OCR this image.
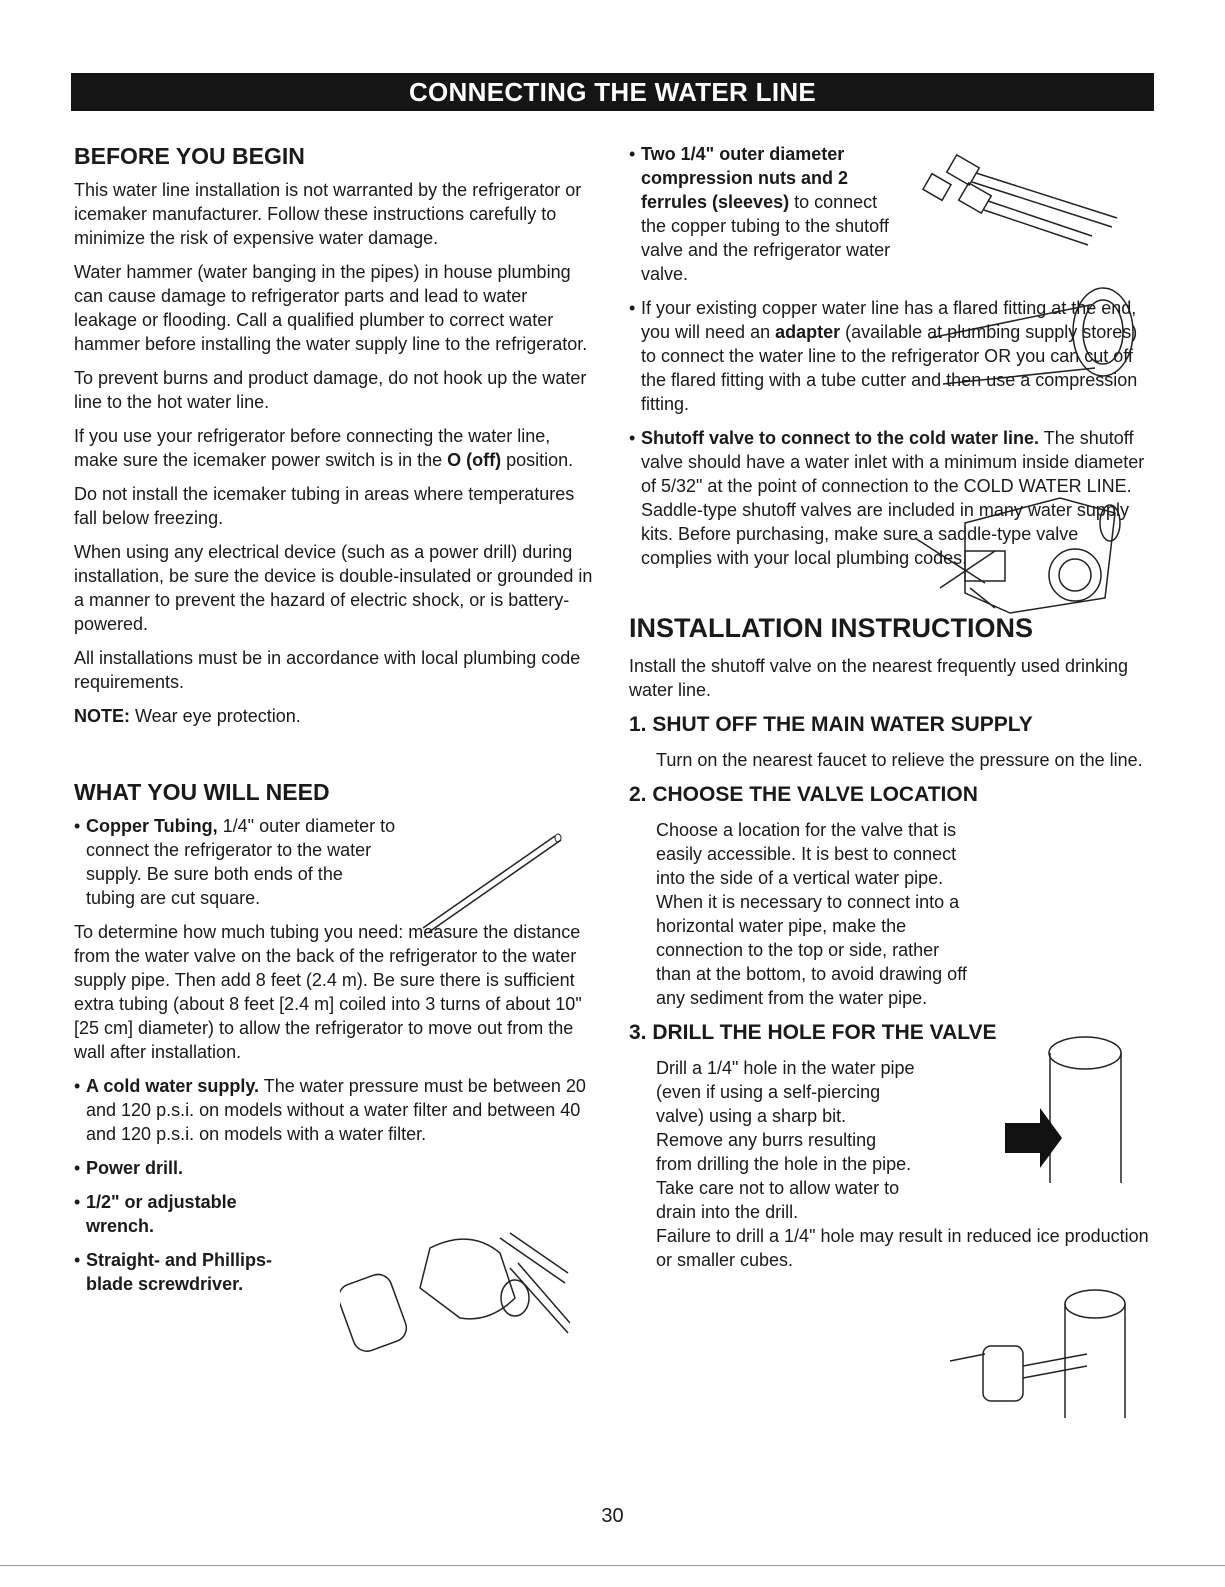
CONNECTING THE WATER LINE
BEFORE YOU BEGIN

This water line installation is not warranted by the refrigerator or icemaker manufacturer. Follow these instructions carefully to minimize the risk of expensive water damage.

Water hammer (water banging in the pipes) in house plumbing can cause damage to refrigerator parts and lead to water leakage or flooding. Call a qualified plumber to correct water hammer before installing the water supply line to the refrigerator.

To prevent burns and product damage, do not hook up the water line to the hot water line.

If you use your refrigerator before connecting the water line, make sure the icemaker power switch is in the O (off) position.

Do not install the icemaker tubing in areas where temperatures fall below freezing.

When using any electrical device (such as a power drill) during installation, be sure the device is double-insulated or grounded in a manner to prevent the hazard of electric shock, or is battery-powered.

All installations must be in accordance with local plumbing code requirements.

NOTE: Wear eye protection.

WHAT YOU WILL NEED
• Copper Tubing, 1/4" outer diameter to connect the refrigerator to the water supply. Be sure both ends of the tubing are cut square.

To determine how much tubing you need: measure the distance from the water valve on the back of the refrigerator to the water supply pipe. Then add 8 feet (2.4 m). Be sure there is sufficient extra tubing (about 8 feet [2.4 m] coiled into 3 turns of about 10" [25 cm] diameter) to allow the refrigerator to move out from the wall after installation.

• A cold water supply. The water pressure must be between 20 and 120 p.s.i. on models without a water filter and between 40 and 120 p.s.i. on models with a water filter.
• Power drill.
• 1/2" or adjustable wrench.
• Straight- and Phillips-blade screwdriver.
• Two 1/4" outer diameter compression nuts and 2 ferrules (sleeves) to connect the copper tubing to the shutoff valve and the refrigerator water valve.
• If your existing copper water line has a flared fitting at the end, you will need an adapter (available at plumbing supply stores) to connect the water line to the refrigerator OR you can cut off the flared fitting with a tube cutter and then use a compression fitting.
• Shutoff valve to connect to the cold water line. The shutoff valve should have a water inlet with a minimum inside diameter of 5/32" at the point of connection to the COLD WATER LINE. Saddle-type shutoff valves are included in many water supply kits. Before purchasing, make sure a saddle-type valve complies with your local plumbing codes.
INSTALLATION INSTRUCTIONS

Install the shutoff valve on the nearest frequently used drinking water line.

1. SHUT OFF THE MAIN WATER SUPPLY

Turn on the nearest faucet to relieve the pressure on the line.

2. CHOOSE THE VALVE LOCATION

Choose a location for the valve that is easily accessible. It is best to connect into the side of a vertical water pipe. When it is necessary to connect into a horizontal water pipe, make the connection to the top or side, rather than at the bottom, to avoid drawing off any sediment from the water pipe.

3. DRILL THE HOLE FOR THE VALVE

Drill a 1/4" hole in the water pipe (even if using a self-piercing valve) using a sharp bit. Remove any burrs resulting from drilling the hole in the pipe. Take care not to allow water to drain into the drill.

Failure to drill a 1/4" hole may result in reduced ice production or smaller cubes.

30
